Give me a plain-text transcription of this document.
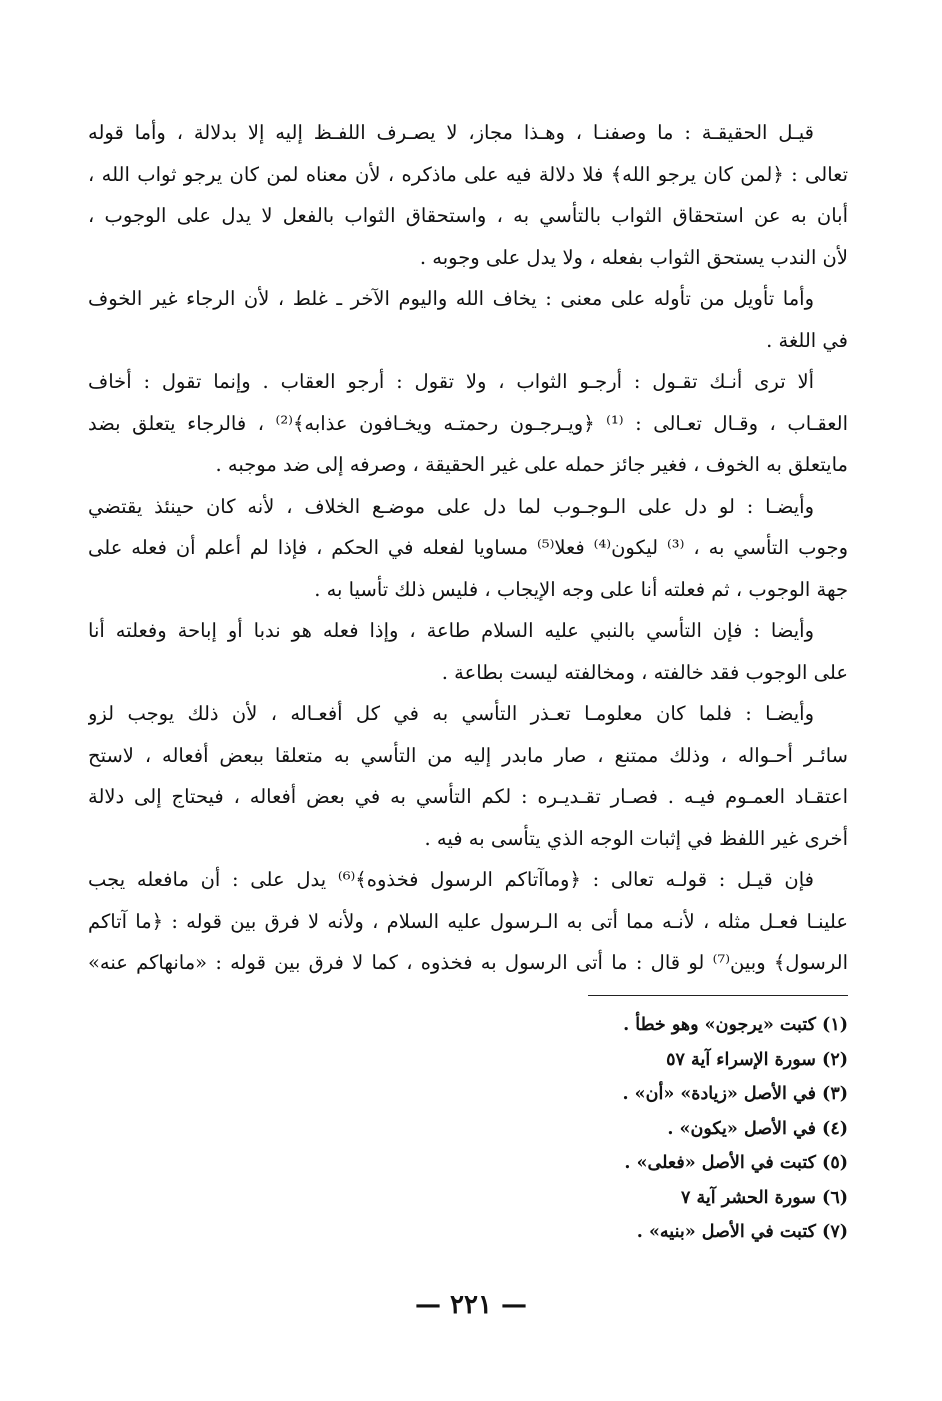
قيـل الحقيقـة : ما وصفنـا ، وهـذا مجاز، لا يصـرف اللفـظ إليه إلا بدلالة ، وأما قوله
تعالى : ﴿لمن كان يرجو الله﴾ فلا دلالة فيه على ماذكره ، لأن معناه لمن كان يرجو ثواب الله ،
أبان به عن استحقاق الثواب بالتأسي به ، واستحقاق الثواب بالفعل لا يدل على الوجوب ،
لأن الندب يستحق الثواب بفعله ، ولا يدل على وجوبه .
وأما تأويل من تأوله على معنى : يخاف الله واليوم الآخر ـ غلط ، لأن الرجاء غير الخوف
في اللغة .
ألا ترى أنـك تقـول : أرجـو الثواب ، ولا تقول : أرجو العقاب . وإنما تقول : أخاف
العقـاب ، وقـال تعـالى : ⁽¹⁾ ﴿ويـرجـون رحمتـه ويخـافون عذابه﴾⁽²⁾ ، فالرجاء يتعلق بضد
مايتعلق به الخوف ، فغير جائز حمله على غير الحقيقة ، وصرفه إلى ضد موجبه .
وأيضـا : لو دل على الـوجـوب لما دل على موضـع الخلاف ، لأنه كان حينئذ يقتضي
وجوب التأسي به ، ⁽³⁾ ليكون⁽⁴⁾ فعلا⁽⁵⁾ مساويا لفعله في الحكم ، فإذا لم أعلم أن فعله على
جهة الوجوب ، ثم فعلته أنا على وجه الإيجاب ، فليس ذلك تأسيا به .
وأيضا : فإن التأسي بالنبي عليه السلام طاعة ، وإذا فعله هو ندبا أو إباحة وفعلته أنا
على الوجوب فقد خالفته ، ومخالفته ليست بطاعة .
وأيضـا : فلما كان معلومـا تعـذر التأسي به في كل أفعـاله ، لأن ذلك يوجب لزو
سائـر أحـواله ، وذلك ممتنع ، صار مابدر إليه من التأسي به متعلقا ببعض أفعاله ، لاستح
اعتقـاد العمـوم فيـه . فصـار تقـديـره : لكم التأسي به في بعض أفعاله ، فيحتاج إلى دلالة
أخرى غير اللفظ في إثبات الوجه الذي يتأسى به فيه .
فإن قيـل : قولـه تعالى : ﴿وماآتاكم الرسول فخذوه﴾⁽⁶⁾ يدل على : أن مافعله يجب
علينـا فعـل مثله ، لأنـه مما أتى به الـرسول عليه السلام ، ولأنه لا فرق بين قوله : ﴿ما آتاكم
الرسول﴾ وبين⁽⁷⁾ لو قال : ما أتى الرسول به فخذوه ، كما لا فرق بين قوله : «مانهاكم عنه»
(١) كتبت «يرجون» وهو خطأ .
(٢) سورة الإسراء آية ٥٧
(٣) في الأصل «زيادة» «أن» .
(٤) في الأصل «يكون» .
(٥) كتبت في الأصل «فعلى» .
(٦) سورة الحشر آية ٧
(٧) كتبت في الأصل «بنيه» .
— ٢٢١ —
